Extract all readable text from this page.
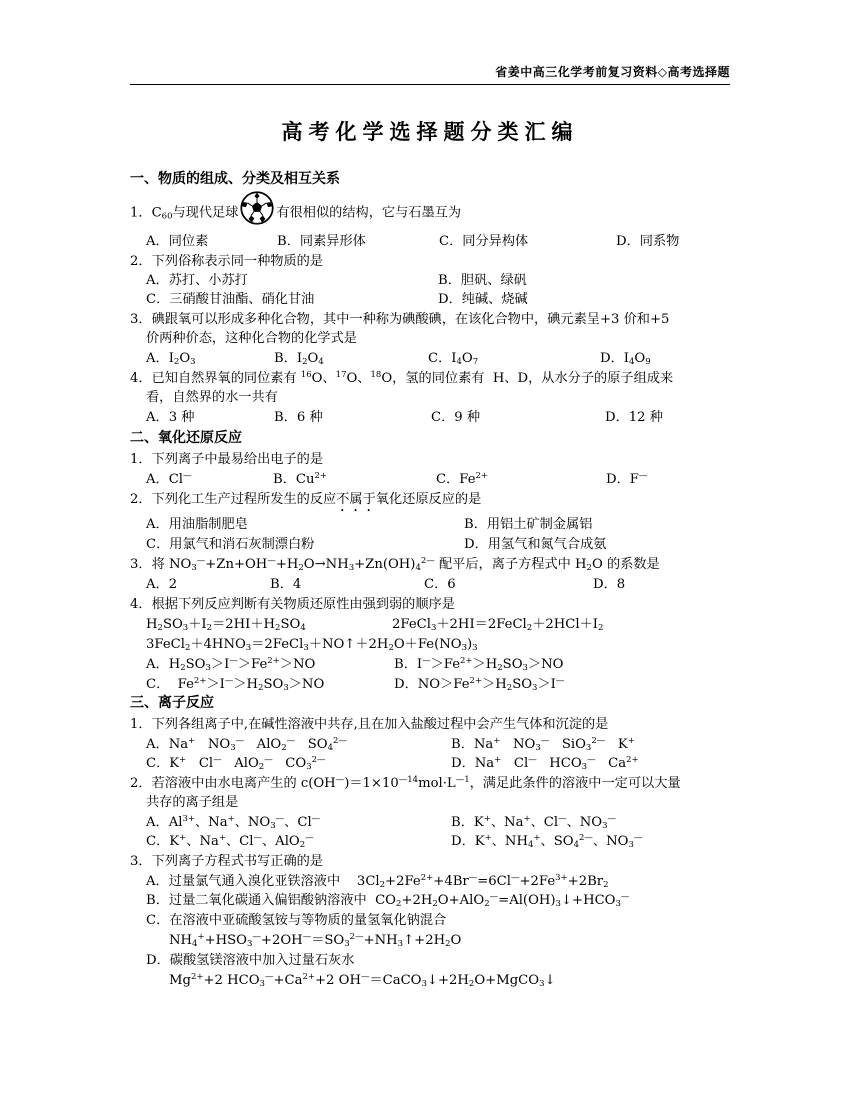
省姜中高三化学考前复习资料◇高考选择题
高考化学选择题分类汇编
一、物质的组成、分类及相互关系
1．$C_{60}$与现代足球	有很相似的结构，它与石墨互为
A．同位素	B．同素异形体	C．同分异构体	D．同系物
2．下列俗称表示同一种物质的是
A．苏打、小苏打	B．胆矾、绿矾
C．三硝酸甘油酯、硝化甘油	D．纯碱、烧碱
3．碘跟氧可以形成多种化合物，其中一种称为碘酸碘，在该化合物中，碘元素呈+3 价和+5
价两种价态，这种化合物的化学式是
A．$I_2O_3$	B．$I_2O_4$	C．$I_4O_7$	D．$I_4O_9$
4．已知自然界氧的同位素有 $^{16}$O、$^{17}$O、$^{18}$O，氢的同位素有  H、D，从水分子的原子组成来
看，自然界的水一共有
A．3 种	B．6 种	C．9 种	D．12 种
二、氧化还原反应
1．下列离子中最易给出电子的是
A．Cl—	B．$Cu^{2+}$	C．$Fe^{2+}$	D．F—
2．下列化工生产过程所发生的反应不属于氧化还原反应的是
A．用油脂制肥皂	B．用铝土矿制金属铝
C．用氯气和消石灰制漂白粉	D．用氢气和氮气合成氨
3．将 $NO_3^—+Zn+OH^—+H_2O\to NH_3+Zn(OH)_4^{2—}$ 配平后，离子方程式中 $H_2O$ 的系数是
A．2	B．4	C．6	D．8
4．根据下列反应判断有关物质还原性由强到弱的顺序是
$H_2SO_3+I_2=2HI+H_2SO_4$	$2FeCl_3+2HI=2FeCl_2+2HCl+I_2$
$3FeCl_2+4HNO_3=2FeCl_3+NO↑+2H_2O+Fe(NO_3)_3$
A．$H_2SO_3>I^—>Fe^{2+}>NO$	B．$I^—>Fe^{2+}>H_2SO_3>NO$
C．  $Fe^{2+}>I^—>H_2SO_3>NO$	D．$NO>Fe^{2+}>H_2SO_3>I^—$
三、离子反应
1．下列各组离子中,在碱性溶液中共存,且在加入盐酸过程中会产生气体和沉淀的是
A．Na+   $NO_3^—$   AlO$_2$—   $SO_4^{2—}$	B．Na+   $NO_3^—$   SiO$_3^{2—}$   K+
C．K+   Cl—   AlO$_2$—   $CO_3^{2—}$	D．Na+   Cl—   $HCO_3^—$   $Ca^{2+}$
2．若溶液中由水电离产生的 $c(OH^—)=1\times 10^{—14}mol\cdot L^{—1}$，满足此条件的溶液中一定可以大量
共存的离子组是
A．$Al^{3+}$、Na+、$NO_3^—$、Cl—	B．K+、Na+、Cl—、$NO_3^—$
C．K+、Na+、Cl—、AlO$_2$—	D．K+、$NH_4^+$、$SO_4^{2—}$、$NO_3^—$
3．下列离子方程式书写正确的是
A．过量氯气通入溴化亚铁溶液中    $3Cl_2+2Fe^{2+}+4Br^—=6Cl^—+2Fe^{3+}+2Br_2$
B．过量二氧化碳通入偏铝酸钠溶液中  $CO_2+2H_2O+AlO_2^—=Al(OH)_3↓+HCO_3^—$
C．在溶液中亚硫酸氢铵与等物质的量氢氧化钠混合
$NH_4^++HSO_3^—+2OH^—=SO_3^{2—}+NH_3↑+2H_2O$
D．碳酸氢镁溶液中加入过量石灰水
$Mg^{2+}+2$ $HCO_3^—+Ca^{2+}+2$ $OH^—=CaCO_3↓+2H_2O+MgCO_3↓$
